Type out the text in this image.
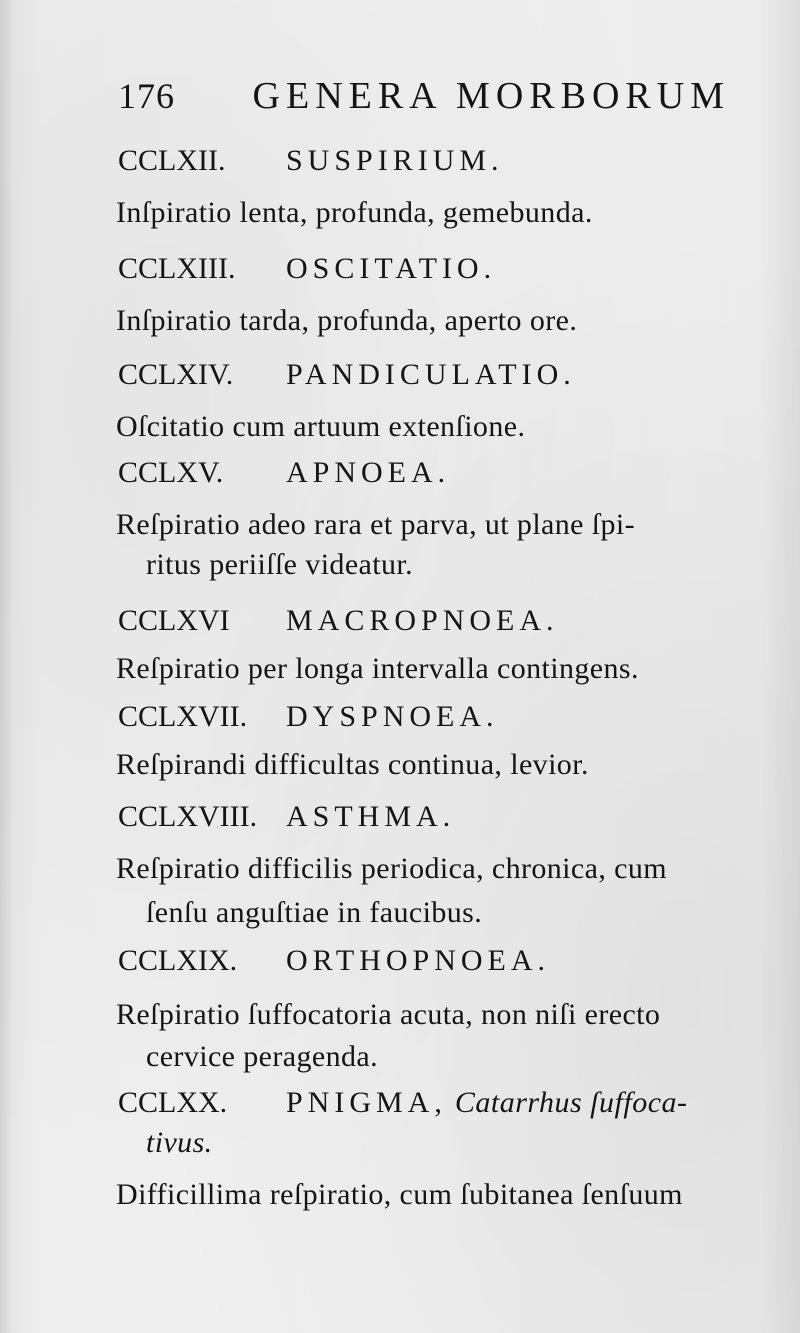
176 GENERA MORBORUM
CCLXII. SUSPIRIUM.
Inſpiratio lenta, profunda, gemebunda.
CCLXIII. OSCITATIO.
Inſpiratio tarda, profunda, aperto ore.
CCLXIV. PANDICULATIO.
Oſcitatio cum artuum extenſione.
CCLXV. APNOEA.
Reſpiratio adeo rara et parva, ut plane ſpi-
ritus periiſſe videatur.
CCLXVI MACROPNOEA.
Reſpiratio per longa intervalla contingens.
CCLXVII. DYSPNOEA.
Reſpirandi difficultas continua, levior.
CCLXVIII. ASTHMA.
Reſpiratio difficilis periodica, chronica, cum
ſenſu anguſtiae in faucibus.
CCLXIX. ORTHOPNOEA.
Reſpiratio ſuffocatoria acuta, non niſi erecto
cervice peragenda.
CCLXX. PNIGMA, Catarrhus ſuffoca-
tivus.
Difficillima reſpiratio, cum ſubitanea ſenſuum
